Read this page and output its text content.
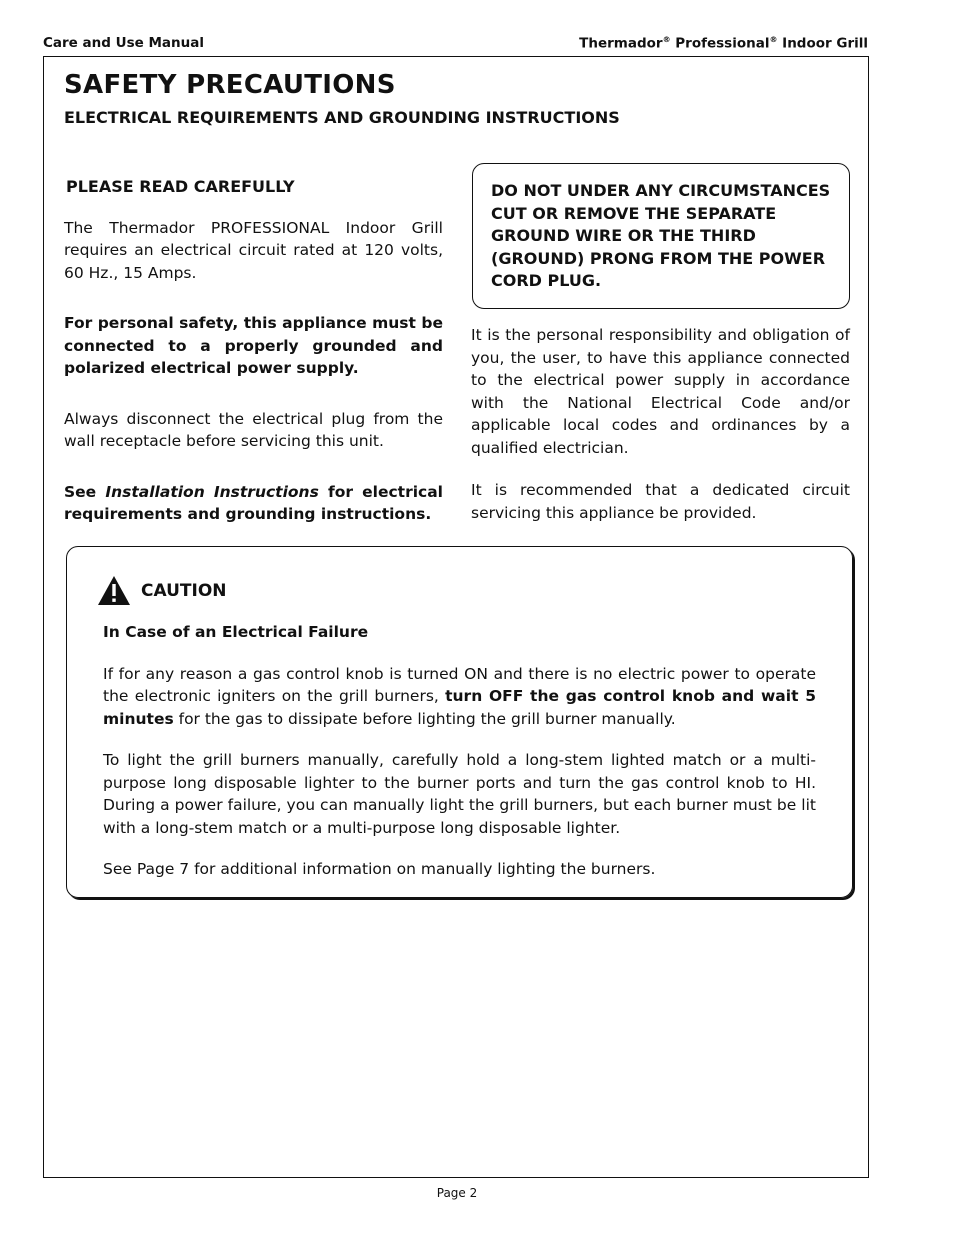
Care and Use Manual	Thermador® Professional® Indoor Grill
SAFETY PRECAUTIONS
ELECTRICAL REQUIREMENTS AND GROUNDING INSTRUCTIONS

PLEASE READ CAREFULLY

The Thermador PROFESSIONAL Indoor Grill requires an electrical circuit rated at 120 volts, 60 Hz., 15 Amps.

For personal safety, this appliance must be connected to a properly grounded and polarized electrical power supply.

Always disconnect the electrical plug from the wall receptacle before servicing this unit.

See Installation Instructions for electrical requirements and grounding instructions.

DO NOT UNDER ANY CIRCUMSTANCES CUT OR REMOVE THE SEPARATE GROUND WIRE OR THE THIRD (GROUND) PRONG FROM THE POWER CORD PLUG.

It is the personal responsibility and obligation of you, the user, to have this appliance connected to the electrical power supply in accordance with the National Electrical Code and/or applicable local codes and ordinances by a qualified electrician.

It is recommended that a dedicated circuit servicing this appliance be provided.

CAUTION

In Case of an Electrical Failure

If for any reason a gas control knob is turned ON and there is no electric power to operate the electronic igniters on the grill burners, turn OFF the gas control knob and wait 5 minutes for the gas to dissipate before lighting the grill burner manually.

To light the grill burners manually, carefully hold a long-stem lighted match or a multi-purpose long disposable lighter to the burner ports and turn the gas control knob to HI. During a power failure, you can manually light the grill burners, but each burner must be lit with a long-stem match or a multi-purpose long disposable lighter.

See Page 7 for additional information on manually lighting the burners.

Page 2
